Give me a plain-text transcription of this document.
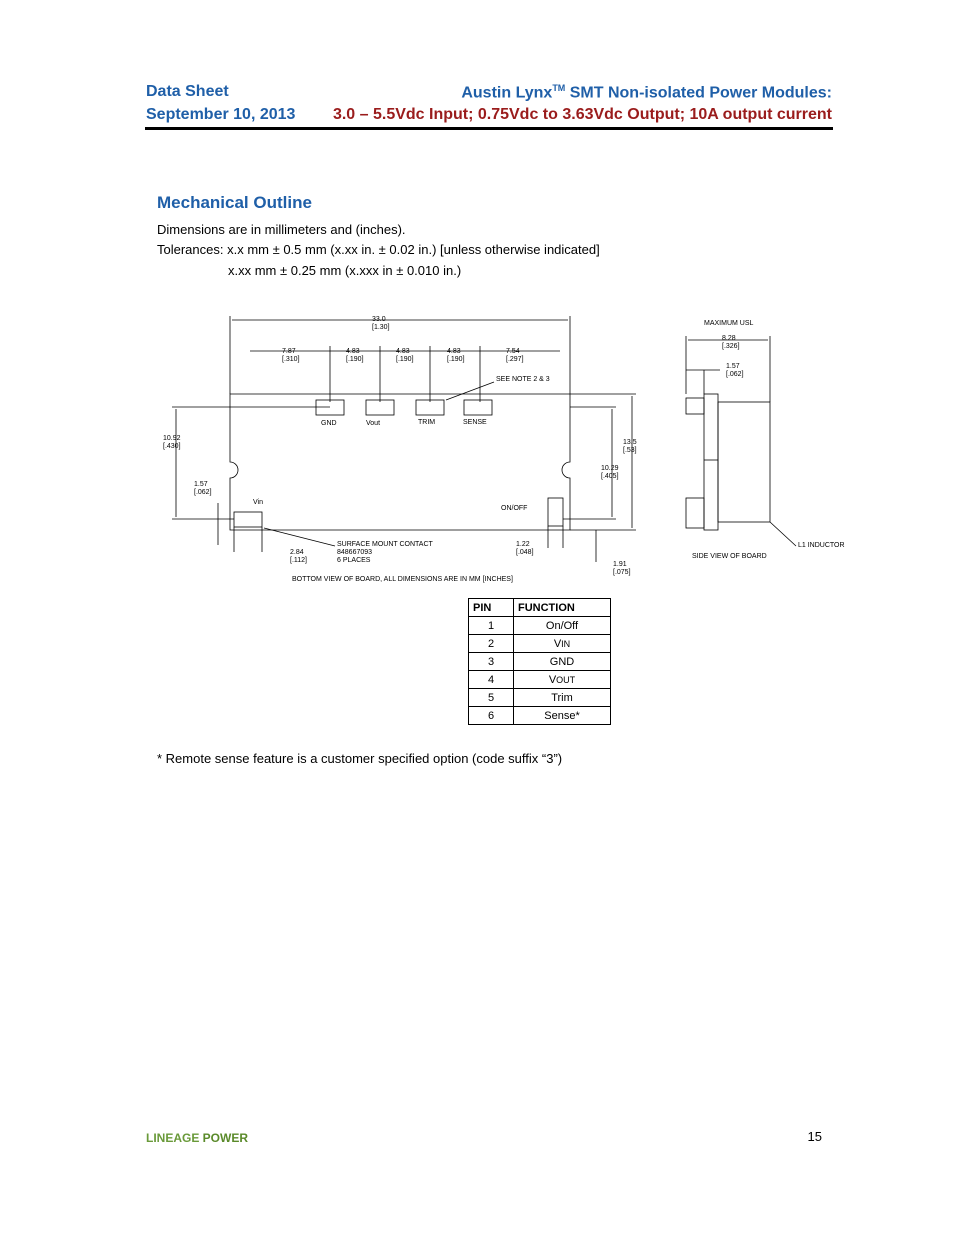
Data Sheet
September 10, 2013
Austin Lynx™ SMT Non-isolated Power Modules:
3.0 – 5.5Vdc Input; 0.75Vdc to 3.63Vdc Output; 10A output current
Mechanical Outline
Dimensions are in millimeters and (inches).
Tolerances: x.x mm ± 0.5 mm (x.xx in. ± 0.02 in.) [unless otherwise indicated]
x.xx mm ± 0.25 mm (x.xxx in ± 0.010 in.)
33.0
[1.30]
7.87
[.310]
4.83
[.190]
4.83
[.190]
4.83
[.190]
7.54
[.297]
SEE NOTE 2 & 3
GND	Vout	TRIM	SENSE
10.92
[.430]
1.57
[.062]
Vin
ON/OFF
13.5
[.53]
10.29
[.405]
2.84
[.112]
SURFACE MOUNT CONTACT
848667093
6 PLACES
1.22
[.048]
1.91
[.075]
BOTTOM VIEW OF BOARD, ALL DIMENSIONS ARE IN MM [INCHES]
MAXIMUM USL
8.28
[.326]
1.57
[.062]
L1 INDUCTOR
SIDE VIEW OF BOARD
PIN	FUNCTION
1	On/Off
2	VIN
3	GND
4	VOUT
5	Trim
6	Sense*
* Remote sense feature is a customer specified option (code suffix “3”)
LINEAGE POWER	15
